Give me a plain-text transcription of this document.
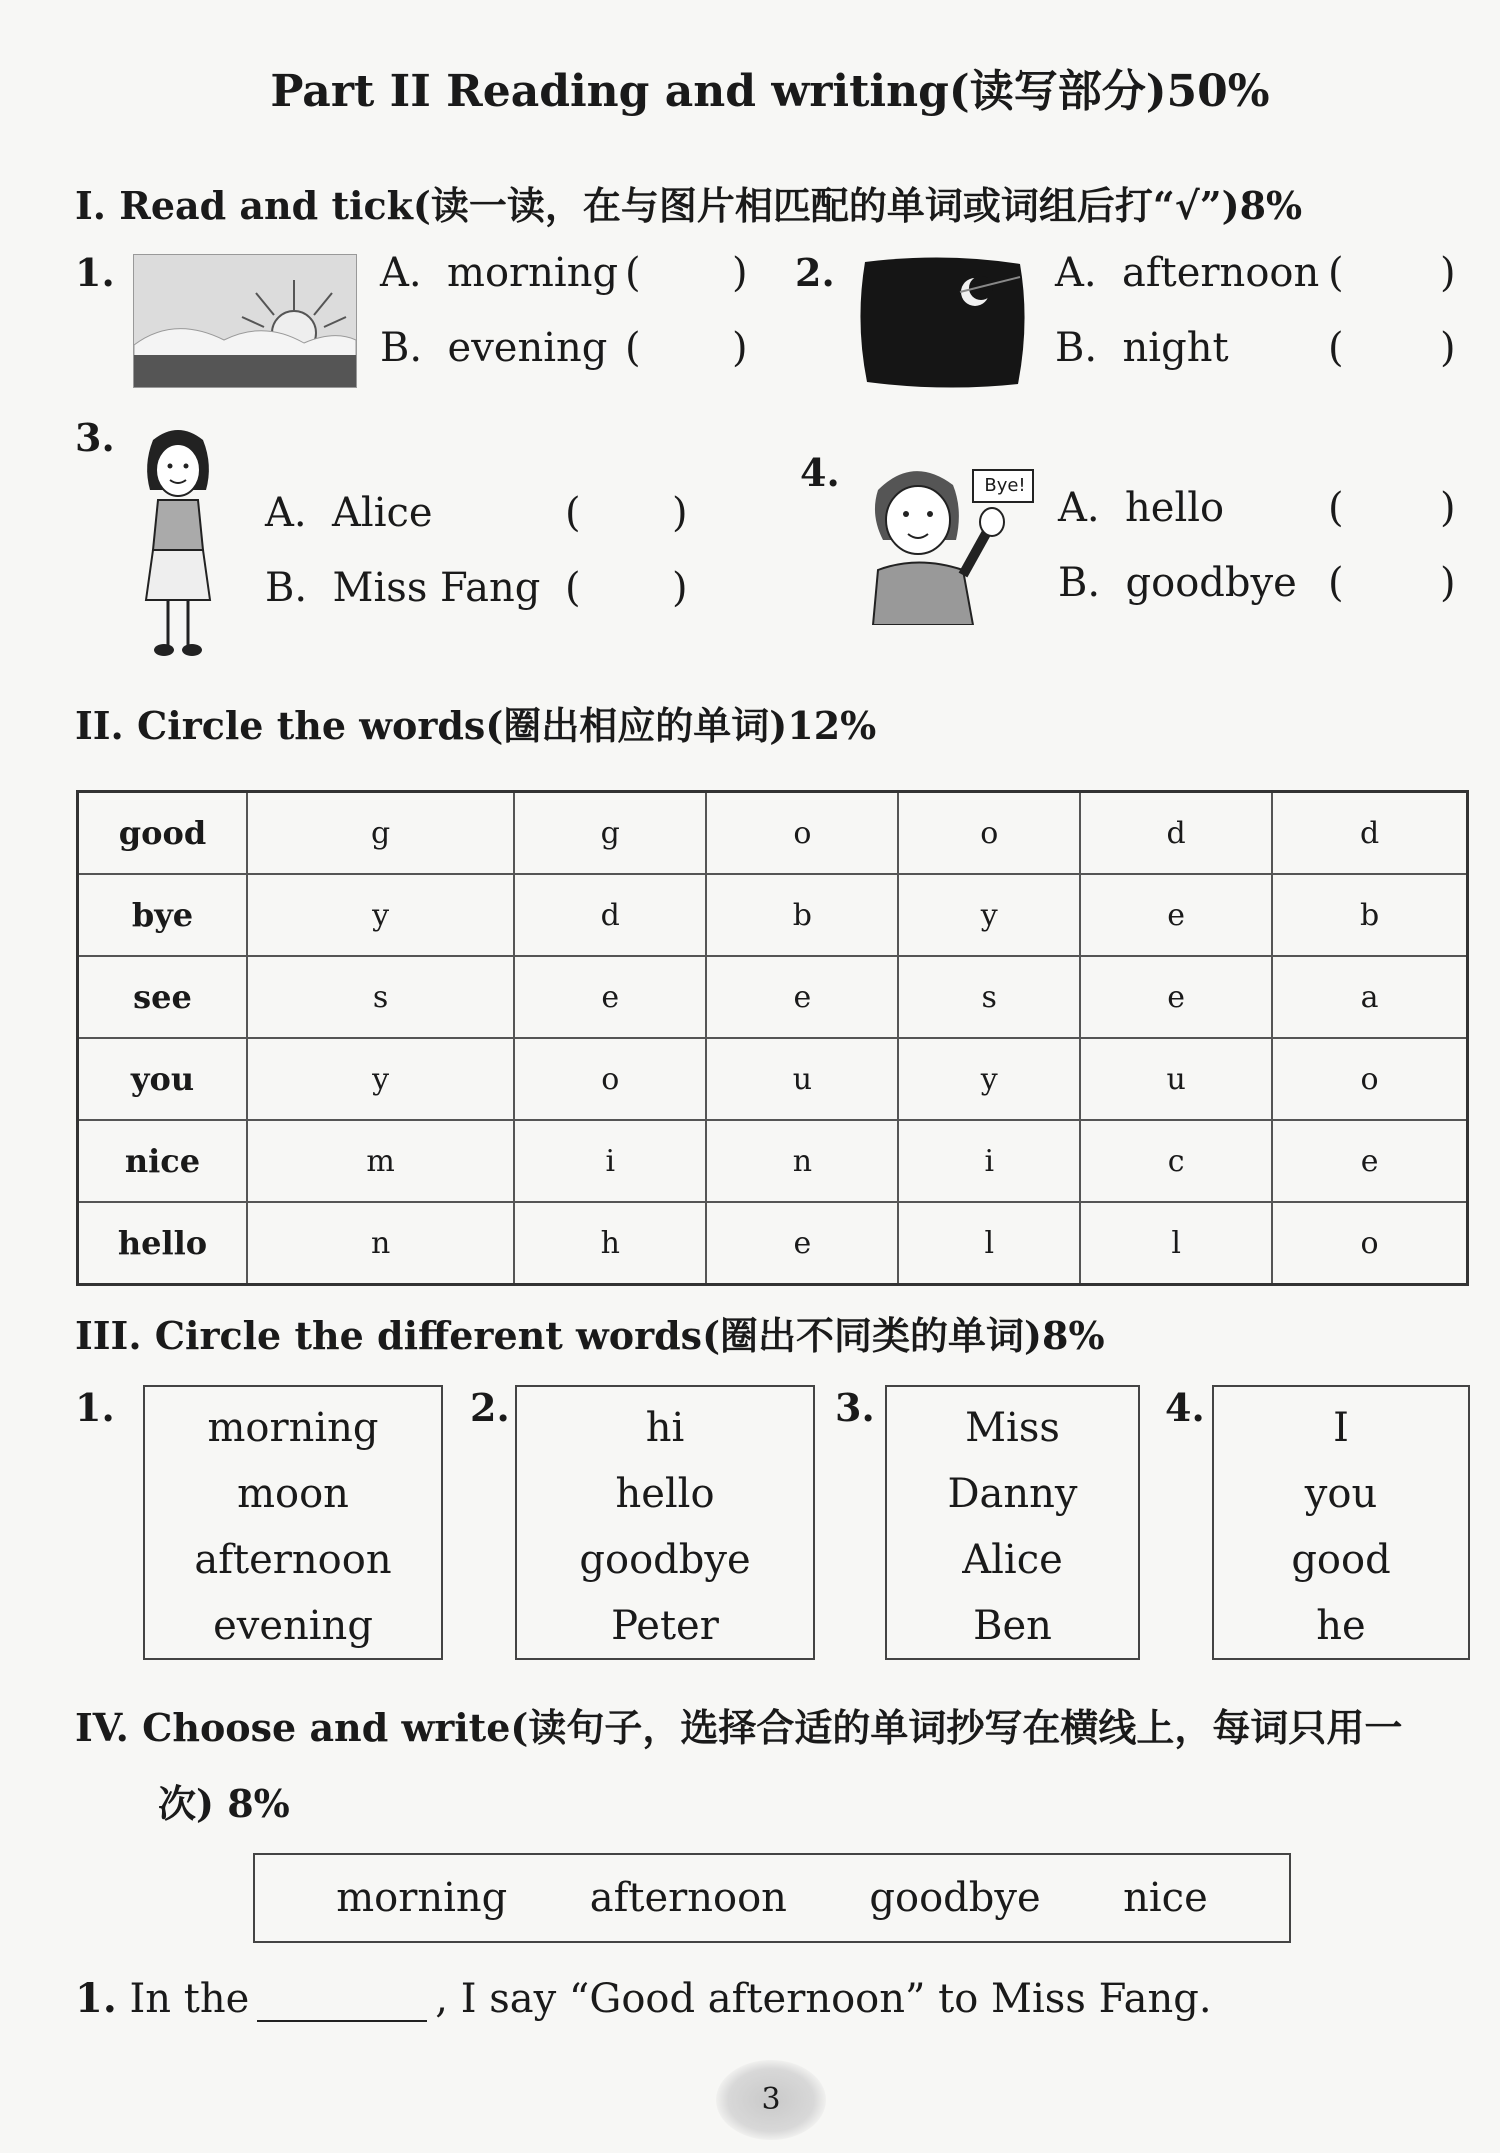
Part II Reading and writing(读写部分)50%
I. Read and tick(读一读，在与图片相匹配的单词或词组后打“√”)8%
1.	A.  morning ( )
B.  evening ( )
2.	A.  afternoon ( )
B.  night ( )
3.
A.  Alice	( )
B.  Miss Fang ( )
4.	Bye! A.  hello	( )
B.  goodbye ( )
II. Circle the words(圈出相应的单词)12%
good	g	g	o	o	d	d
bye	y	d	b	y	e	b
see	s	e	e	s	e	a
you	y	o	u	y	u	o
nice	m	i	n	i	c	e
hello	n	h	e	l	l	o
III. Circle the different words(圈出不同类的单词)8%
1.	morning
moon
afternoon
evening
2.	hi
hello
goodbye
Peter
3.	Miss
Danny
Alice
Ben
4.	I
you
good
he
IV. Choose and write(读句子，选择合适的单词抄写在横线上，每词只用一
次) 8%
morning afternoon goodbye nice
1. In the	, I say “Good afternoon” to Miss Fang.
3
